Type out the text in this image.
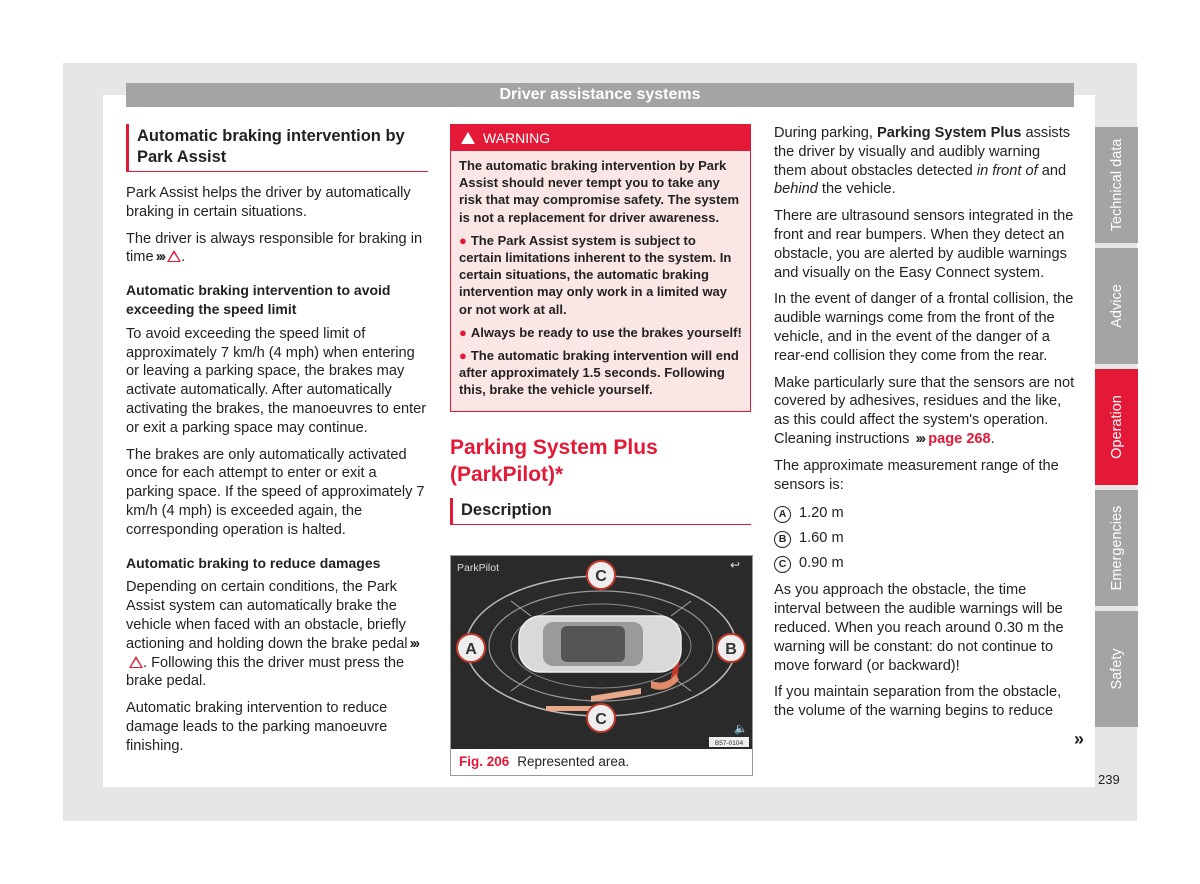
Driver assistance systems
Automatic braking intervention by Park Assist

Park Assist helps the driver by automatically braking in certain situations.

The driver is always responsible for braking in time ››› .

Automatic braking intervention to avoid exceeding the speed limit

To avoid exceeding the speed limit of approximately 7 km/h (4 mph) when entering or leaving a parking space, the brakes may activate automatically. After automatically activating the brakes, the manoeuvres to enter or exit a parking space may continue.

The brakes are only automatically activated once for each attempt to enter or exit a parking space. If the speed of approximately 7 km/h (4 mph) is exceeded again, the corresponding operation is halted.

Automatic braking to reduce damages

Depending on certain conditions, the Park Assist system can automatically brake the vehicle when faced with an obstacle, briefly actioning and holding down the brake pedal ›››. Following this the driver must press the brake pedal.

Automatic braking intervention to reduce damage leads to the parking manoeuvre finishing.

WARNING

The automatic braking intervention by Park Assist should never tempt you to take any risk that may compromise safety. The system is not a replacement for driver awareness.

● The Park Assist system is subject to certain limitations inherent to the system. In certain situations, the automatic braking intervention may only work in a limited way or not work at all.

● Always be ready to use the brakes yourself!

● The automatic braking intervention will end after approximately 1.5 seconds. Following this, brake the vehicle yourself.

Parking System Plus (ParkPilot)*
Description
ParkPilot	↩
C
A	B
C
🔈
B57-0104
Fig. 206 Represented area.

During parking, Parking System Plus assists the driver by visually and audibly warning them about obstacles detected in front of and behind the vehicle.

There are ultrasound sensors integrated in the front and rear bumpers. When they detect an obstacle, you are alerted by audible warnings and visually on the Easy Connect system.

In the event of danger of a frontal collision, the audible warnings come from the front of the vehicle, and in the event of the danger of a rear-end collision they come from the rear.

Make particularly sure that the sensors are not covered by adhesives, residues and the like, as this could affect the system's operation. Cleaning instructions ››› page 268.

The approximate measurement range of the sensors is:

A 1.20 m
B 1.60 m
C 0.90 m

As you approach the obstacle, the time interval between the audible warnings will be reduced. When you reach around 0.30 m the warning will be constant: do not continue to move forward (or backward)!

If you maintain separation from the obstacle, the volume of the warning begins to reduce

»
Technical data
Advice
Operation
Emergencies
Safety
239
